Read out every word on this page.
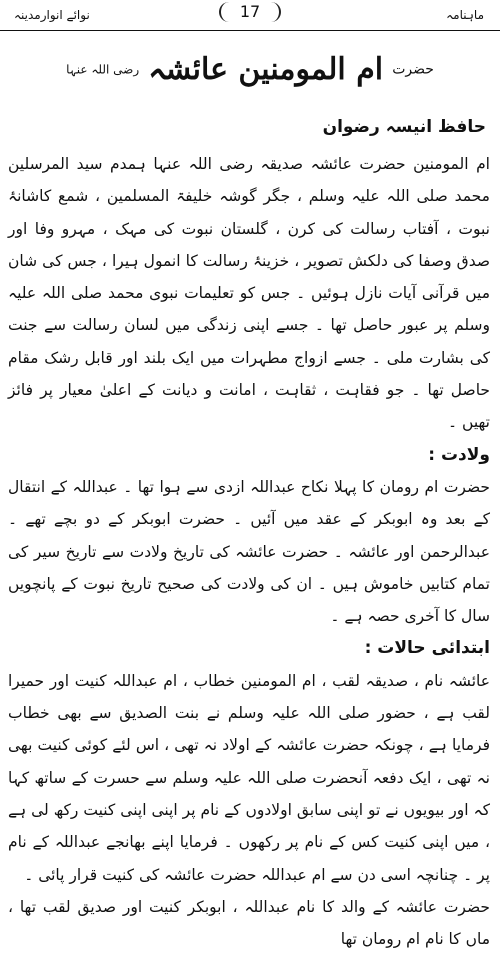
نوائے انوارمدینہ	17	ماہنامہ
حضرت ام المومنین عائشہ رضی اللہ عنہا
حافظ انیسہ رضوان

ام المومنین حضرت عائشہ صدیقہ رضی اللہ عنہا ہمدم سید المرسلین محمد صلی اللہ علیہ وسلم ، جگر گوشہ خلیفۃ المسلمین ، شمع کاشانۂ نبوت ، آفتاب رسالت کی کرن ، گلستان نبوت کی مہک ، مہرو وفا اور صدق وصفا کی دلکش تصویر ، خزینۂ رسالت کا انمول ہیرا ، جس کی شان میں قرآنی آیات نازل ہوئیں ۔ جس کو تعلیمات نبوی محمد صلی اللہ علیہ وسلم پر عبور حاصل تھا ۔ جسے اپنی زندگی میں لسان رسالت سے جنت کی بشارت ملی ۔ جسے ازواج مطہرات میں ایک بلند اور قابل رشک مقام حاصل تھا ۔ جو فقاہت ، ثقاہت ، امانت و دیانت کے اعلیٰ معیار پر فائز تھیں ۔

ولادت :

حضرت ام رومان کا پہلا نکاح عبداللہ ازدی سے ہوا تھا ۔ عبداللہ کے انتقال کے بعد وہ ابوبکر کے عقد میں آئیں ۔ حضرت ابوبکر کے دو بچے تھے ۔ عبدالرحمن اور عائشہ ۔ حضرت عائشہ کی تاریخ ولادت سے تاریخ سیر کی تمام کتابیں خاموش ہیں ۔ ان کی ولادت کی صحیح تاریخ نبوت کے پانچویں سال کا آخری حصہ ہے ۔

ابتدائی حالات :

عائشہ نام ، صدیقہ لقب ، ام المومنین خطاب ، ام عبداللہ کنیت اور حمیرا لقب ہے ، حضور صلی اللہ علیہ وسلم نے بنت الصدیق سے بھی خطاب فرمایا ہے ، چونکہ حضرت عائشہ کے اولاد نہ تھی ، اس لئے کوئی کنیت بھی نہ تھی ، ایک دفعہ آنحضرت صلی اللہ علیہ وسلم سے حسرت کے ساتھ کہا کہ اور بیویوں نے تو اپنی سابق اولادوں کے نام پر اپنی اپنی کنیت رکھ لی ہے ، میں اپنی کنیت کس کے نام پر رکھوں ۔ فرمایا اپنے بھانجے عبداللہ کے نام پر ۔ چنانچہ اسی دن سے ام عبداللہ حضرت عائشہ کی کنیت قرار پائی ۔

حضرت عائشہ کے والد کا نام عبداللہ ، ابوبکر کنیت اور صدیق لقب تھا ، ماں کا نام ام رومان تھا
